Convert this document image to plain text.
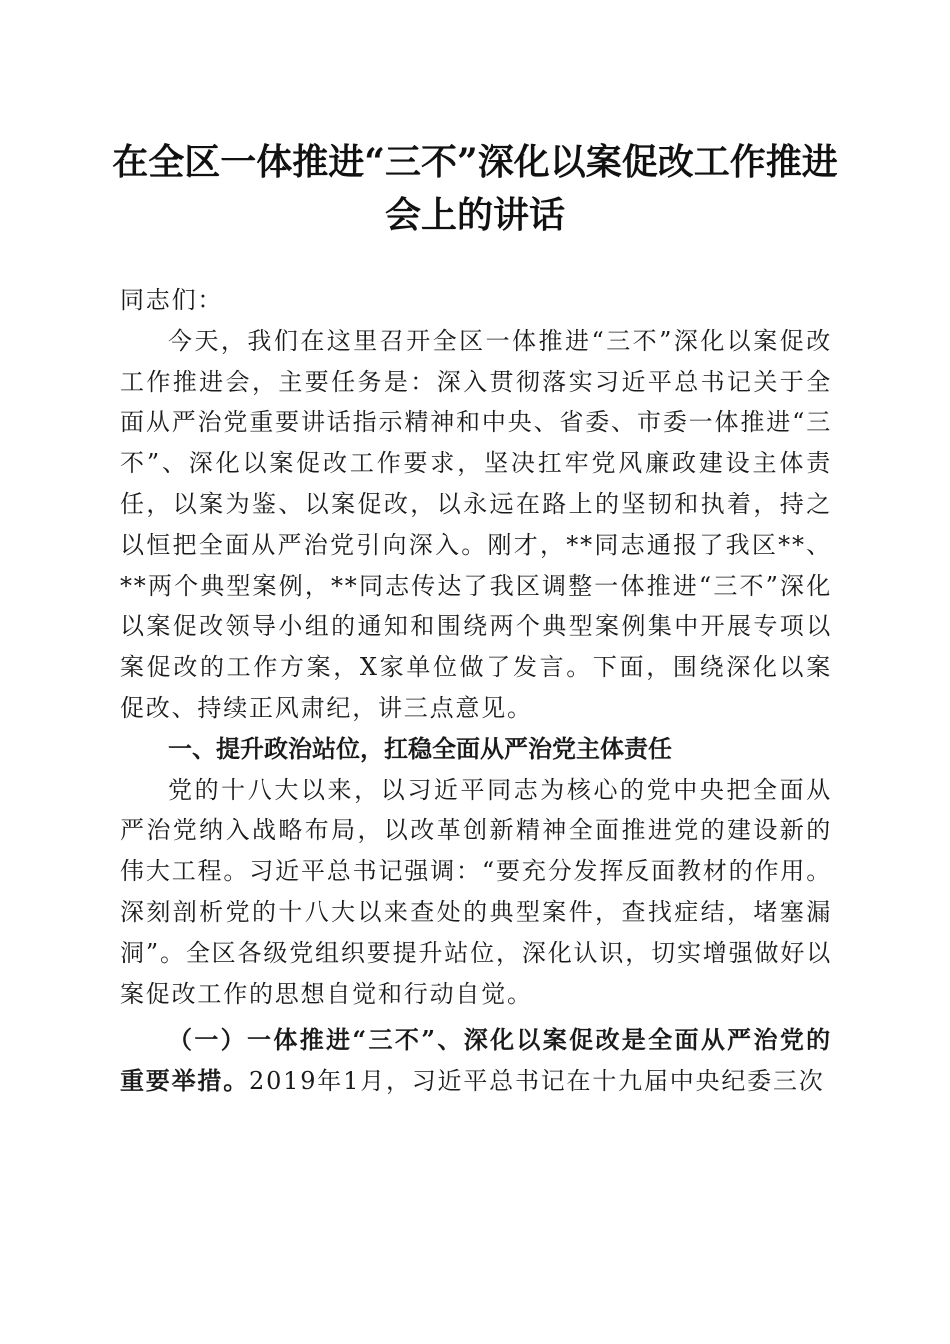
在全区一体推进“三不”深化以案促改工作推进会上的讲话

同志们：

今天，我们在这里召开全区一体推进“三不”深化以案促改工作推进会，主要任务是：深入贯彻落实习近平总书记关于全面从严治党重要讲话指示精神和中央、省委、市委一体推进“三不”、深化以案促改工作要求，坚决扛牢党风廉政建设主体责任，以案为鉴、以案促改，以永远在路上的坚韧和执着，持之以恒把全面从严治党引向深入。刚才，**同志通报了我区**、**两个典型案例，**同志传达了我区调整一体推进“三不”深化以案促改领导小组的通知和围绕两个典型案例集中开展专项以案促改的工作方案，X家单位做了发言。下面，围绕深化以案促改、持续正风肃纪，讲三点意见。

一、提升政治站位，扛稳全面从严治党主体责任

党的十八大以来，以习近平同志为核心的党中央把全面从严治党纳入战略布局，以改革创新精神全面推进党的建设新的伟大工程。习近平总书记强调：“要充分发挥反面教材的作用。深刻剖析党的十八大以来查处的典型案件，查找症结，堵塞漏洞”。全区各级党组织要提升站位，深化认识，切实增强做好以案促改工作的思想自觉和行动自觉。

（一）一体推进“三不”、深化以案促改是全面从严治党的重要举措。2019年1月，习近平总书记在十九届中央纪委三次
